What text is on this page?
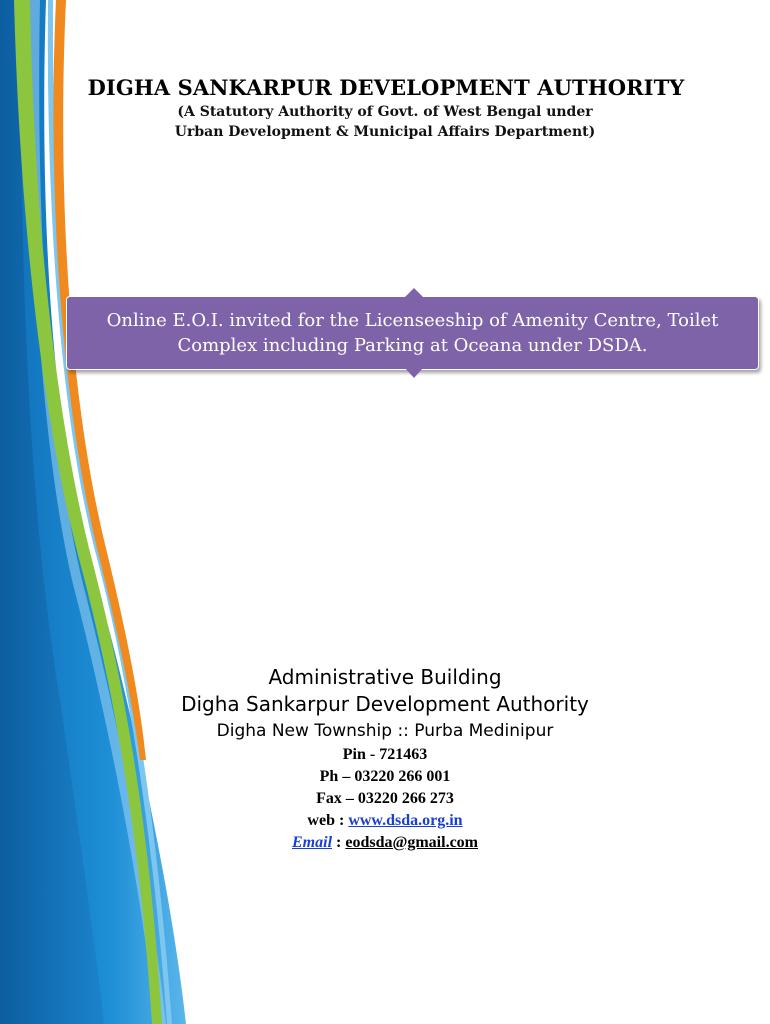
DIGHA SANKARPUR DEVELOPMENT AUTHORITY
(A Statutory Authority of Govt. of West Bengal under
Urban Development & Municipal Affairs Department)
Online E.O.I. invited for the Licenseeship of Amenity Centre, Toilet
Complex including Parking at Oceana under DSDA.
Administrative Building
Digha Sankarpur Development Authority
Digha New Township :: Purba Medinipur
Pin - 721463
Ph – 03220 266 001
Fax – 03220 266 273
web : www.dsda.org.in
Email : eodsda@gmail.com
